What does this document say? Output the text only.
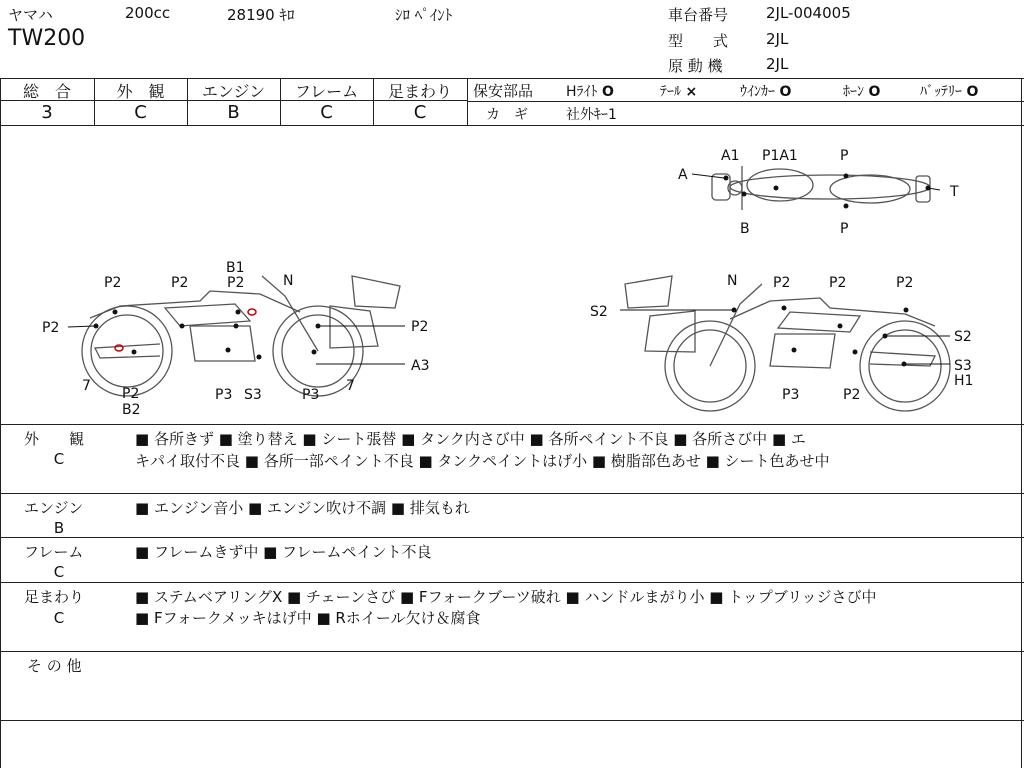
ヤマハ	200cc	28190 ｷﾛ	ｼﾛ ﾍﾟｲﾝﾄ
TW200
車台番号	2JL-004005
型　　式	2JL
原 動 機	2JL
総　合	外　観	エンジン	フレーム	足まわり
3	C	B	C	C
保安部品 Hﾗｲﾄ O	ﾃｰﾙ ×	ｳｲﾝｶｰ O	ﾎｰﾝ O	ﾊﾞｯﾃﾘｰ O
カ　ギ	社外ｷｰ1
A
A1 P1A1	P
P
B
T
B1
N
P2	P2	P2
P2	P2
A3
P2
B2
P3 S3	P3
7	7
N	P2	P2	P2
S2
S2
S3
H1
P3	P2
外　　観
C
■ 各所きず ■ 塗り替え ■ シート張替 ■ タンク内さび中 ■ 各所ペイント不良 ■ 各所さび中 ■ エ
キパイ取付不良 ■ 各所一部ペイント不良 ■ タンクペイントはげ小 ■ 樹脂部色あせ ■ シート色あせ中
エンジン
B
■ エンジン音小 ■ エンジン吹け不調 ■ 排気もれ
フレーム
C
■ フレームきず中 ■ フレームペイント不良
足まわり
C
■ ステムベアリングX ■ チェーンさび ■ Fフォークブーツ破れ ■ ハンドルまがり小 ■ トップブリッジさび中
■ Fフォークメッキはげ中 ■ Rホイール欠け＆腐食
そ の 他
